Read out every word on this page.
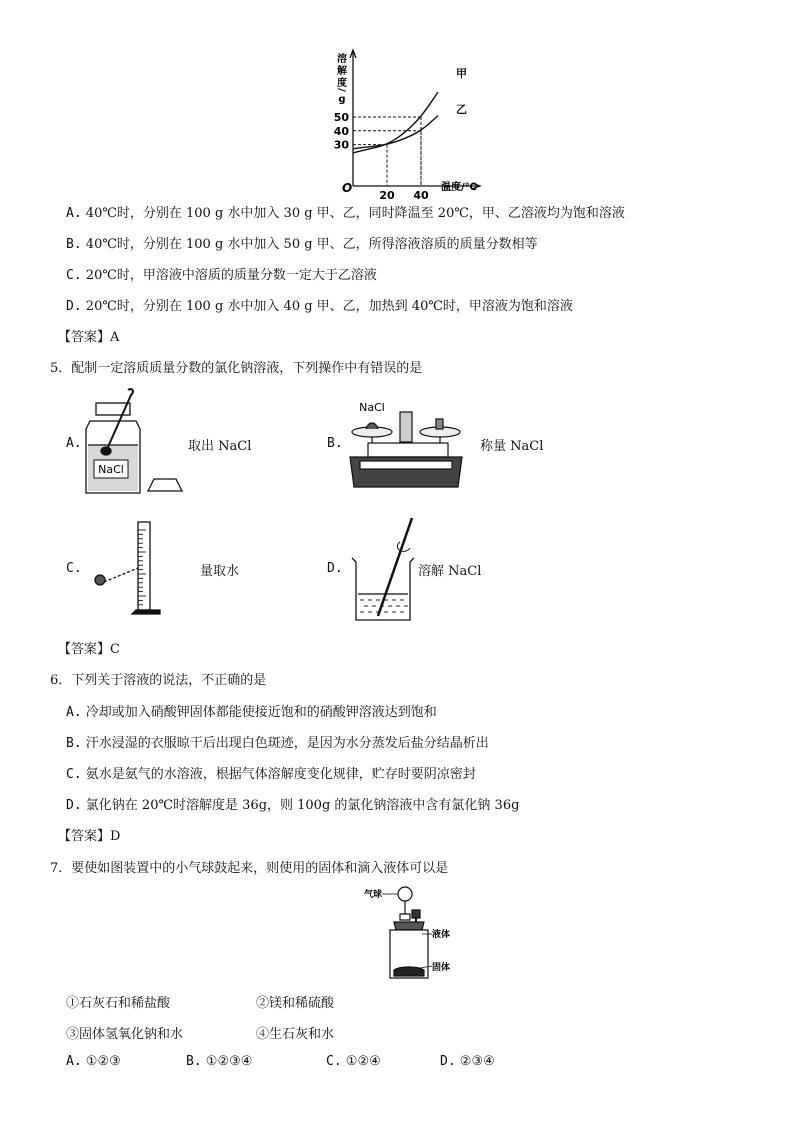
溶
解
度
/
g
20 40
30
40
50
O	温度/℃
甲
乙
A. 40℃时，分别在 100 g 水中加入 30 g 甲、乙，同时降温至 20℃，甲、乙溶液均为饱和溶液
B. 40℃时，分别在 100 g 水中加入 50 g 甲、乙，所得溶液溶质的质量分数相等
C. 20℃时，甲溶液中溶质的质量分数一定大于乙溶液
D. 20℃时，分别在 100 g 水中加入 40 g 甲、乙，加热到 40℃时，甲溶液为饱和溶液
【答案】A
5．配制一定溶质质量分数的氯化钠溶液，下列操作中有错误的是
A.
NaCl
取出 NaCl	B.
NaCl
称量 NaCl
C.	量取水	D.	溶解 NaCl
【答案】C
6．下列关于溶液的说法，不正确的是
A. 冷却或加入硝酸钾固体都能使接近饱和的硝酸钾溶液达到饱和
B. 汗水浸湿的衣服晾干后出现白色斑迹，是因为水分蒸发后盐分结晶析出
C. 氨水是氨气的水溶液，根据气体溶解度变化规律，贮存时要阴凉密封
D. 氯化钠在 20℃时溶解度是 36g，则 100g 的氯化钠溶液中含有氯化钠 36g
【答案】D
7．要使如图装置中的小气球鼓起来，则使用的固体和滴入液体可以是
气球
液体
固体
①石灰石和稀盐酸	②镁和稀硫酸
③固体氢氧化钠和水	④生石灰和水
A. ①②③	B. ①②③④	C. ①②④	D. ②③④
